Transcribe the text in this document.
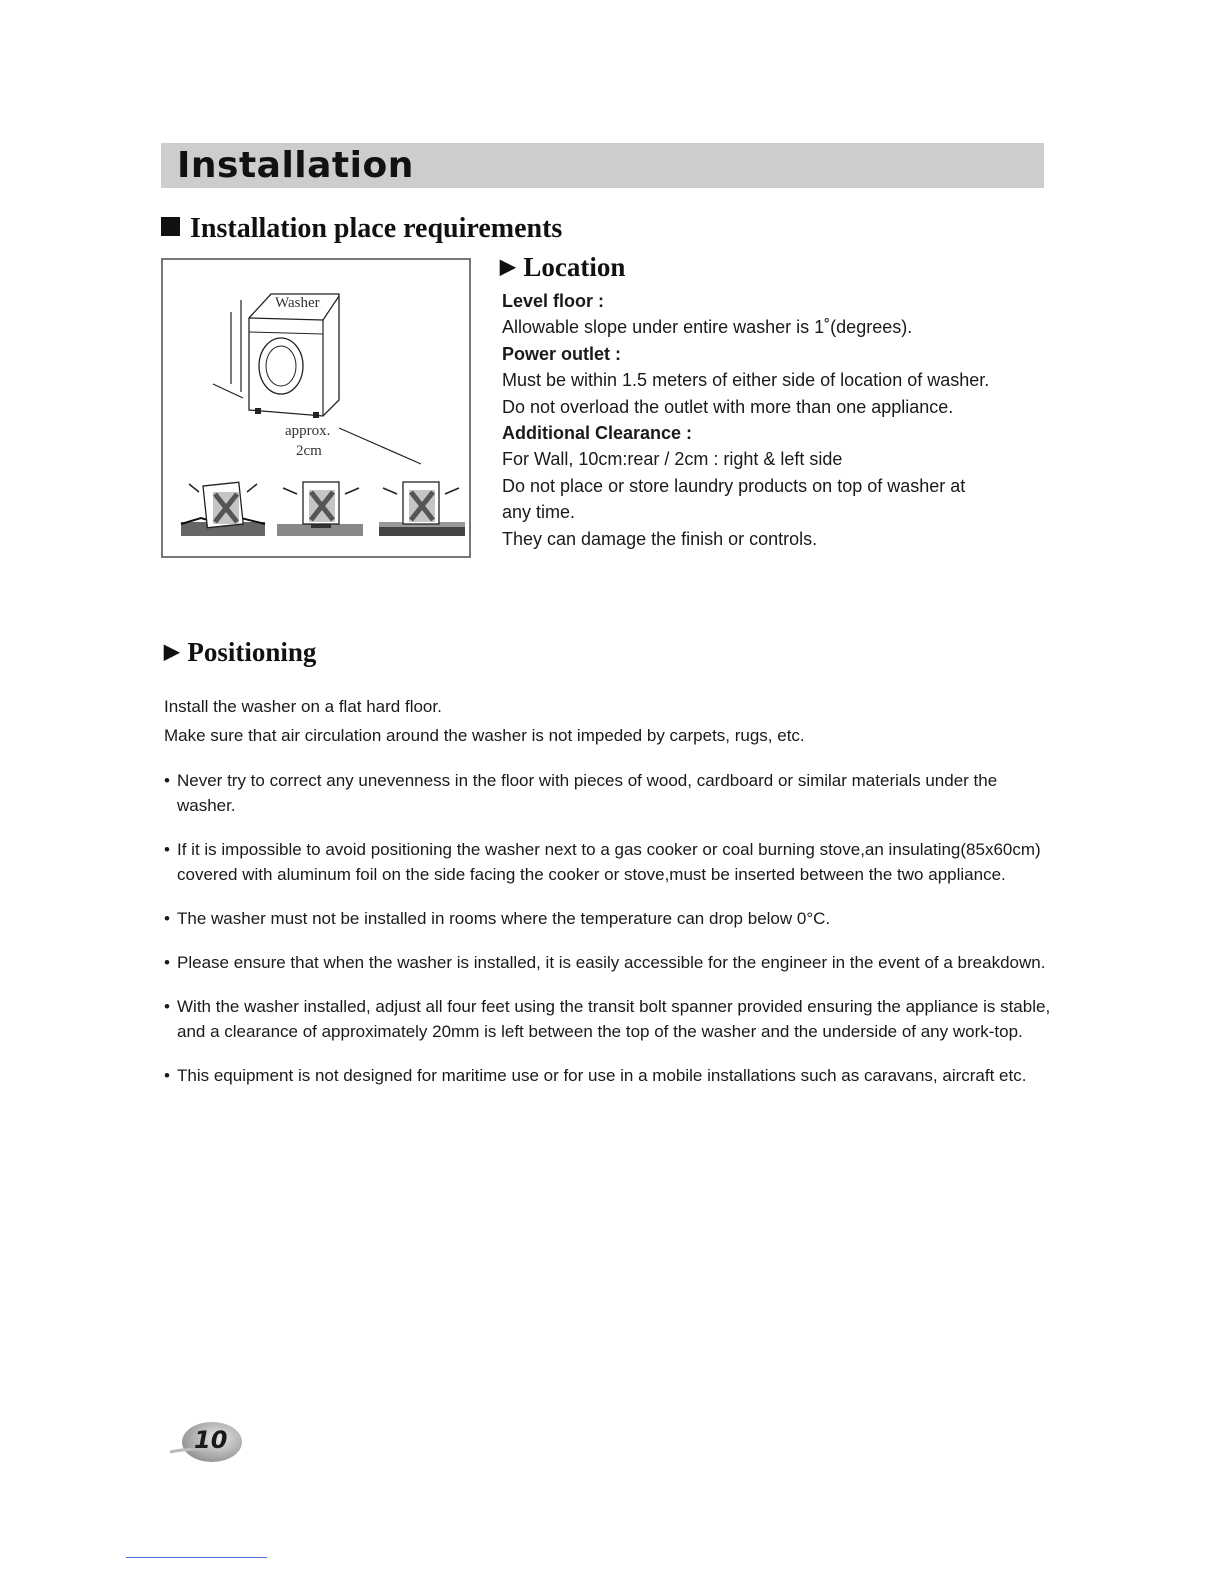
Installation
Installation place requirements
Washer
approx.
2cm
▶ Location
Level floor :
Allowable slope under entire washer is 1˚(degrees).
Power outlet :
Must be within 1.5 meters of either side of location of washer.
Do not overload the outlet with more than one appliance.
Additional Clearance :
For Wall, 10cm:rear / 2cm : right & left side
Do not place or store laundry products on top of washer at
any time.
They can damage the finish or controls.
▶ Positioning
Install the washer on a flat hard floor.
Make sure that air circulation around the washer is not impeded by carpets, rugs, etc.
• Never try to correct any unevenness in the floor with pieces of wood, cardboard or similar materials under the washer.
• If it is impossible to avoid positioning the washer next to a gas cooker or coal burning stove,an insulating(85x60cm) covered with aluminum foil on the side facing the cooker or stove,must be inserted between the two appliance.
• The washer must not be installed in rooms where the temperature can drop below 0°C.
• Please ensure that when the washer is installed, it is easily accessible for the engineer in the event of a breakdown.
• With the washer installed, adjust all four feet using the transit bolt spanner provided ensuring the appliance is stable, and a clearance of approximately 20mm is left between the top of the washer and the underside of any work-top.
• This equipment is not designed for maritime use or for use in a mobile installations such as caravans, aircraft etc.
10
